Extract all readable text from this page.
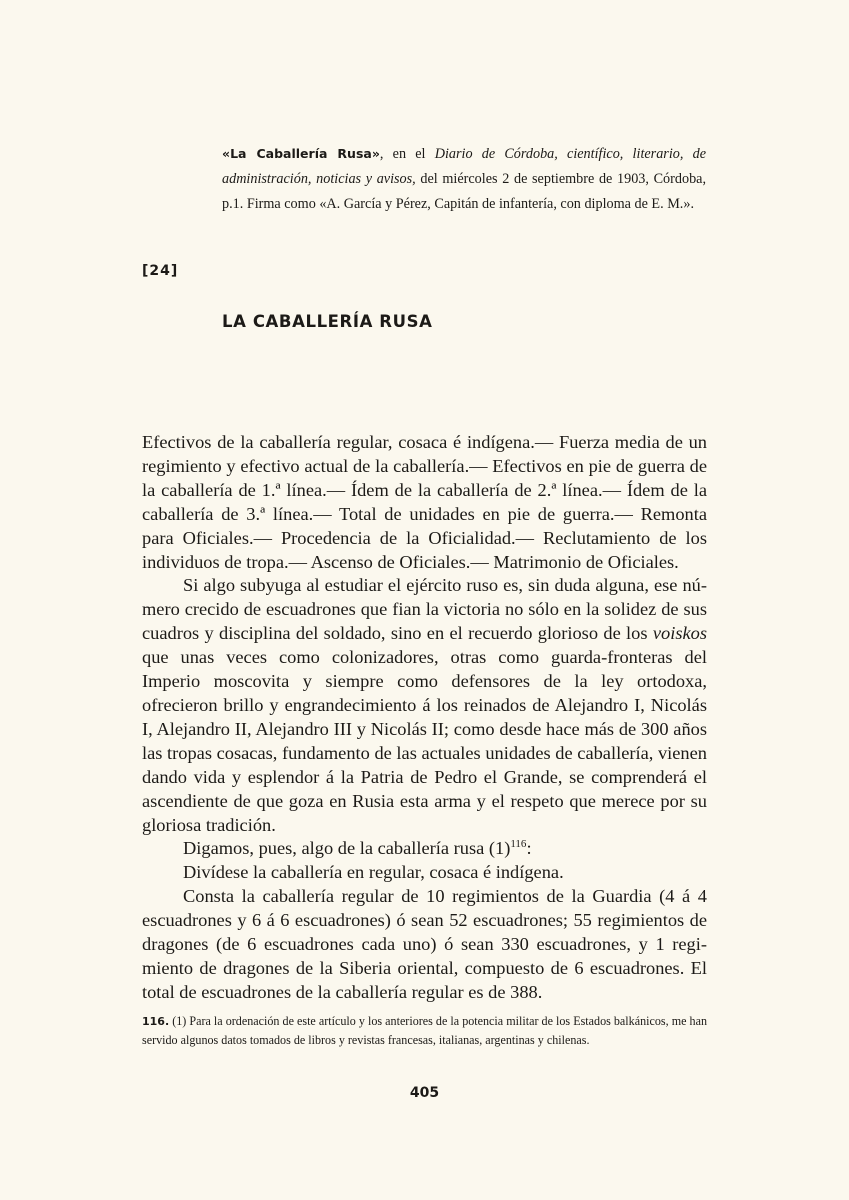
«La Caballería Rusa», en el Diario de Córdoba, científico, literario, de administración, noticias y avisos, del miércoles 2 de septiembre de 1903, Córdoba, p.1. Firma como «A. García y Pérez, Capitán de infantería, con diploma de E. M.».
[24]
LA CABALLERÍA RUSA

Efectivos de la caballería regular, cosaca é indígena.— Fuerza media de un regimiento y efectivo actual de la caballería.— Efectivos en pie de guerra de la caballería de 1.ª línea.— Ídem de la caballería de 2.ª línea.— Ídem de la caballería de 3.ª línea.— Total de unidades en pie de guerra.— Remonta para Oficiales.— Procedencia de la Oficialidad.— Reclutamiento de los individuos de tropa.— Ascenso de Oficiales.— Matrimonio de Oficiales.

Si algo subyuga al estudiar el ejército ruso es, sin duda alguna, ese número crecido de escuadrones que fian la victoria no sólo en la solidez de sus cuadros y disciplina del soldado, sino en el recuerdo glorioso de los voiskos que unas veces como colonizadores, otras como guarda-fronteras del Imperio moscovita y siempre como defensores de la ley ortodoxa, ofrecieron brillo y engrandecimiento á los reinados de Alejandro I, Nicolás I, Alejandro II, Alejandro III y Nicolás II; como desde hace más de 300 años las tropas cosacas, fundamento de las actuales unidades de caballería, vienen dando vida y esplendor á la Patria de Pedro el Grande, se comprenderá el ascendiente de que goza en Rusia esta arma y el respeto que merece por su gloriosa tradición.

Digamos, pues, algo de la caballería rusa $(1)^{116}$:

Divídese la caballería en regular, cosaca é indígena.

Consta la caballería regular de 10 regimientos de la Guardia (4 á 4 escuadrones y 6 á 6 escuadrones) ó sean 52 escuadrones; 55 regimientos de dragones (de 6 escuadrones cada uno) ó sean 330 escuadrones, y 1 regimiento de dragones de la Siberia oriental, compuesto de 6 escuadrones. El total de escuadrones de la caballería regular es de 388.

116. (1) Para la ordenación de este artículo y los anteriores de la potencia militar de los Estados balkánicos, me han servido algunos datos tomados de libros y revistas francesas, italianas, argentinas y chilenas.
405
